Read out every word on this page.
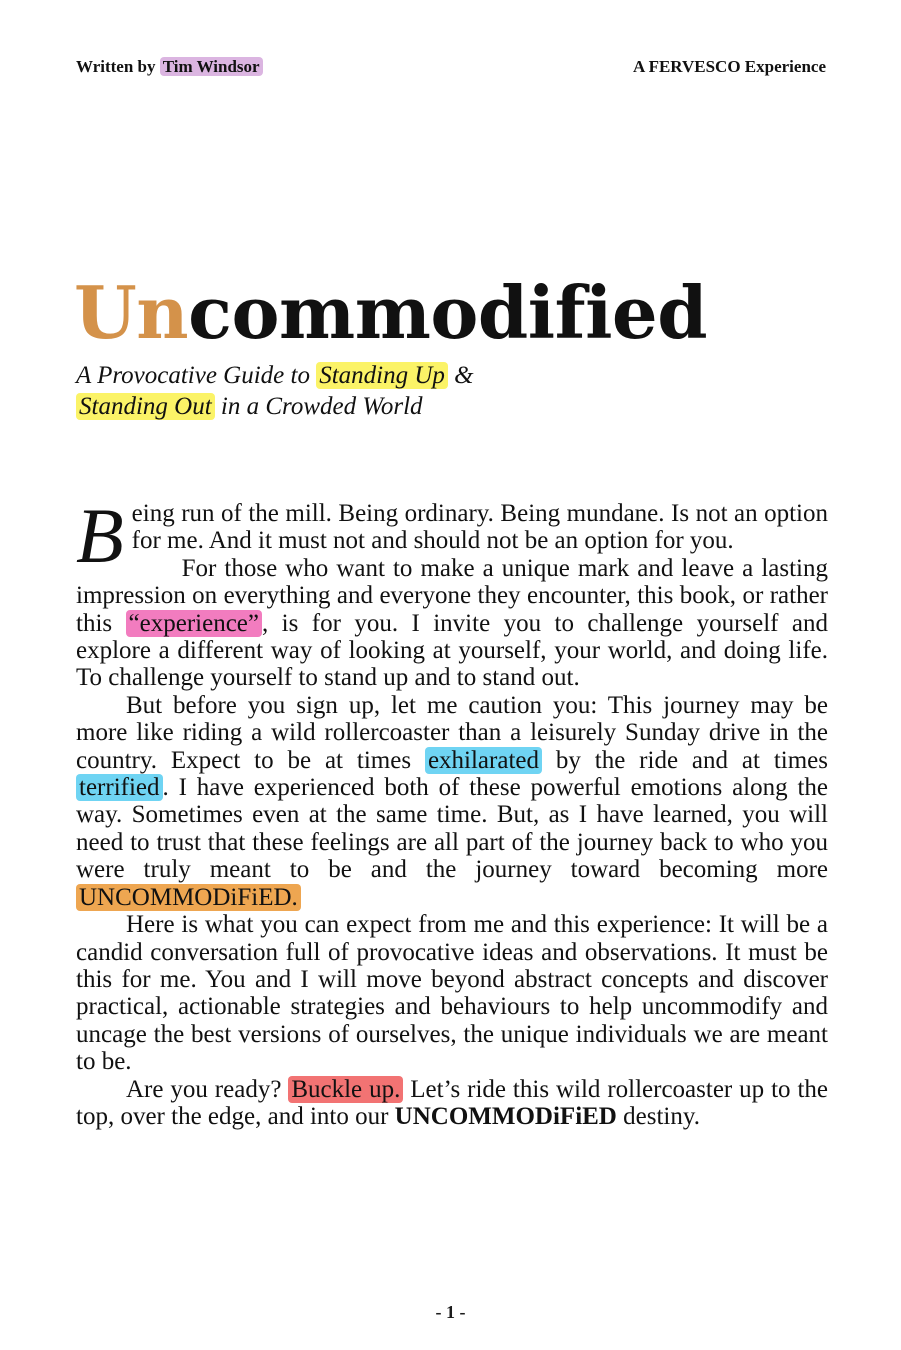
Written by Tim Windsor	A FERVESCO Experience
Uncommodified
A Provocative Guide to Standing Up &
Standing Out in a Crowded World

Being run of the mill. Being ordinary. Being mundane. Is not an option for me. And it must not and should not be an option for you.

For those who want to make a unique mark and leave a lasting impression on everything and everyone they encounter, this book, or rather this “experience” , is for you. I invite you to challenge yourself and explore a different way of looking at yourself, your world, and doing life. To challenge yourself to stand up and to stand out.

But before you sign up, let me caution you: This journey may be more like riding a wild rollercoaster than a leisurely Sunday drive in the country. Expect to be at times exhilarated by the ride and at times terrified . I have experienced both of these powerful emotions along the way. Sometimes even at the same time. But, as I have learned, you will need to trust that these feelings are all part of the journey back to who you were truly meant to be and the journey toward becoming more UNCOMMODiFiED.

Here is what you can expect from me and this experience: It will be a candid conversation full of provocative ideas and observations. It must be this for me. You and I will move beyond abstract concepts and discover practical, actionable strategies and behaviours to help uncommodify and uncage the best versions of ourselves, the unique individuals we are meant to be.

Are you ready? Buckle up. Let’s ride this wild rollercoaster up to the top, over the edge, and into our UNCOMMODiFiED destiny.

- 1 -
